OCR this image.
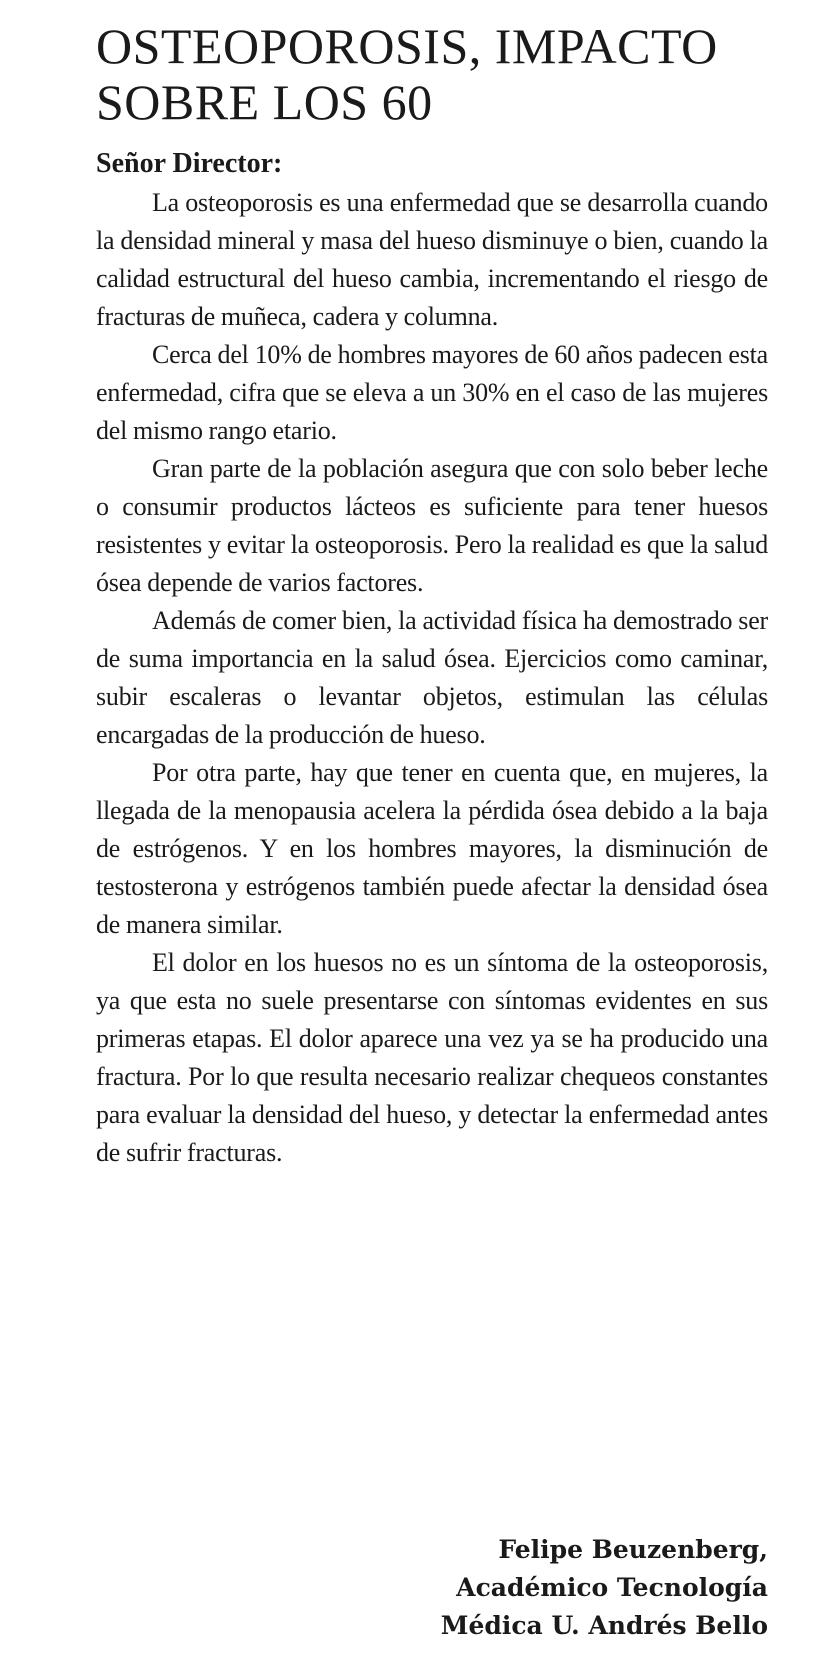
OSTEOPOROSIS, IMPACTO
SOBRE LOS 60
Señor Director:

La osteoporosis es una enfermedad que se desarrolla cuando la densidad mineral y masa del hueso disminuye o bien, cuando la calidad estructural del hueso cambia, incrementando el riesgo de fracturas de muñeca, cadera y columna.

Cerca del 10% de hombres mayores de 60 años padecen esta enfermedad, cifra que se eleva a un 30% en el caso de las mujeres del mismo rango etario.

Gran parte de la población asegura que con solo beber leche o consumir productos lácteos es suficiente para tener huesos resistentes y evitar la osteoporosis. Pero la realidad es que la salud ósea depende de varios factores.

Además de comer bien, la actividad física ha demostrado ser de suma importancia en la salud ósea. Ejercicios como caminar, subir escaleras o levantar objetos, estimulan las células encargadas de la producción de hueso.

Por otra parte, hay que tener en cuenta que, en mujeres, la llegada de la menopausia acelera la pérdida ósea debido a la baja de estrógenos. Y en los hombres mayores, la disminución de testosterona y estrógenos también puede afectar la densidad ósea de manera similar.

El dolor en los huesos no es un síntoma de la osteoporosis, ya que esta no suele presentarse con síntomas evidentes en sus primeras etapas. El dolor aparece una vez ya se ha producido una fractura. Por lo que resulta necesario realizar chequeos constantes para evaluar la densidad del hueso, y detectar la enfermedad antes de sufrir fracturas.

Felipe Beuzenberg,
Académico Tecnología
Médica U. Andrés Bello
